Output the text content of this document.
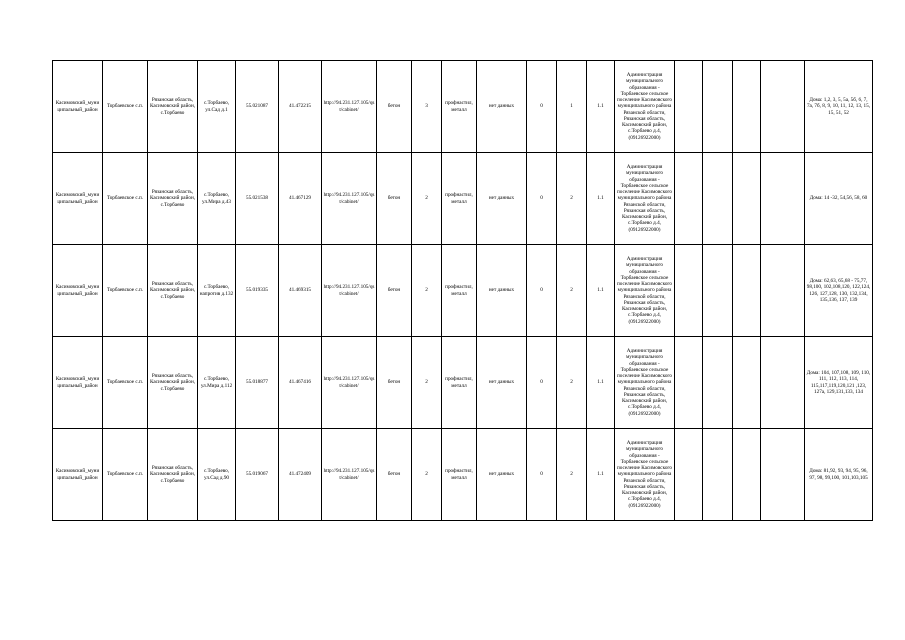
Касимовский_муни ципальный_район	Торбаевское с.п.	Рязанская область, Касимовский район, с.Торбаево	с.Торбаево, ул.Сад д.1	55.021087	41.472215	http://94.231.127.105/qst/cabinet/	бетон	3	профнастил, металл	нет данных	0	1	1.1	Администрация муниципального образования - Торбаевское сельское поселение Касимовского муниципального района Рязанской области, Рязанская область, Касимовский район, с.Торбаево д.4, (09126922000)					Дома: 1,2, 3, 5, 5а, 5б, 6, 7, 7а, 7б, 8, 9, 10, 11, 12, 13, 15, 15, 51, 52
Касимовский_муни ципальный_район	Торбаевское с.п.	Рязанская область, Касимовский район, с.Торбаево	с.Торбаево, ул.Мира д.43	55.021538	41.467129	http://94.231.127.105/qst/cabinet/	бетон	2	профнастил, металл	нет данных	0	2	1.1	Администрация муниципального образования - Торбаевское сельское поселение Касимовского муниципального района Рязанской области, Рязанская область, Касимовский район, с.Торбаево д.4, (09126922000)					Дома: 14 -32, 54,56, 58, 60
Касимовский_муни ципальный_район	Торбаевское с.п.	Рязанская область, Касимовский район, с.Торбаево	с.Торбаево, напротив д.132	55.019335	41.469315	http://94.231.127.105/qst/cabinet/	бетон	2	профнастил, металл	нет данных	0	2	1.1	Администрация муниципального образования - Торбаевское сельское поселение Касимовского муниципального района Рязанской области, Рязанская область, Касимовский район, с.Торбаево д.4, (09126922000)					Дома: 62,63, 65,68 - 75,77, 98,100, 102,108,120, 122,124, 126, 127,128, 130, 132,134, 135,136, 137, 139
Касимовский_муни ципальный_район	Торбаевское с.п.	Рязанская область, Касимовский район, с.Торбаево	с.Торбаево, ул.Мира д.112	55.018877	41.467416	http://94.231.127.105/qst/cabinet/	бетон	2	профнастил, металл	нет данных	0	2	1.1	Администрация муниципального образования - Торбаевское сельское поселение Касимовского муниципального района Рязанской области, Рязанская область, Касимовский район, с.Торбаево д.4, (09126922000)					Дома: 104, 107,108, 109, 110, 111, 112, 113, 114, 115,117,119,120,121 ,123, 127а, 129,131,133, 134
Касимовский_муни ципальный_район	Торбаевское с.п.	Рязанская область, Касимовский район, с.Торбаево	с.Торбаево, ул.Сад д.90	55.019067	41.472409	http://94.231.127.105/qst/cabinet/	бетон	2	профнастил, металл	нет данных	0	2	1.1	Администрация муниципального образования - Торбаевское сельское поселение Касимовского муниципального района Рязанской области, Рязанская область, Касимовский район, с.Торбаево д.4, (09126922000)					Дома: 81,92, 93, 94, 95, 96, 97, 98, 99,100, 101,103,105
